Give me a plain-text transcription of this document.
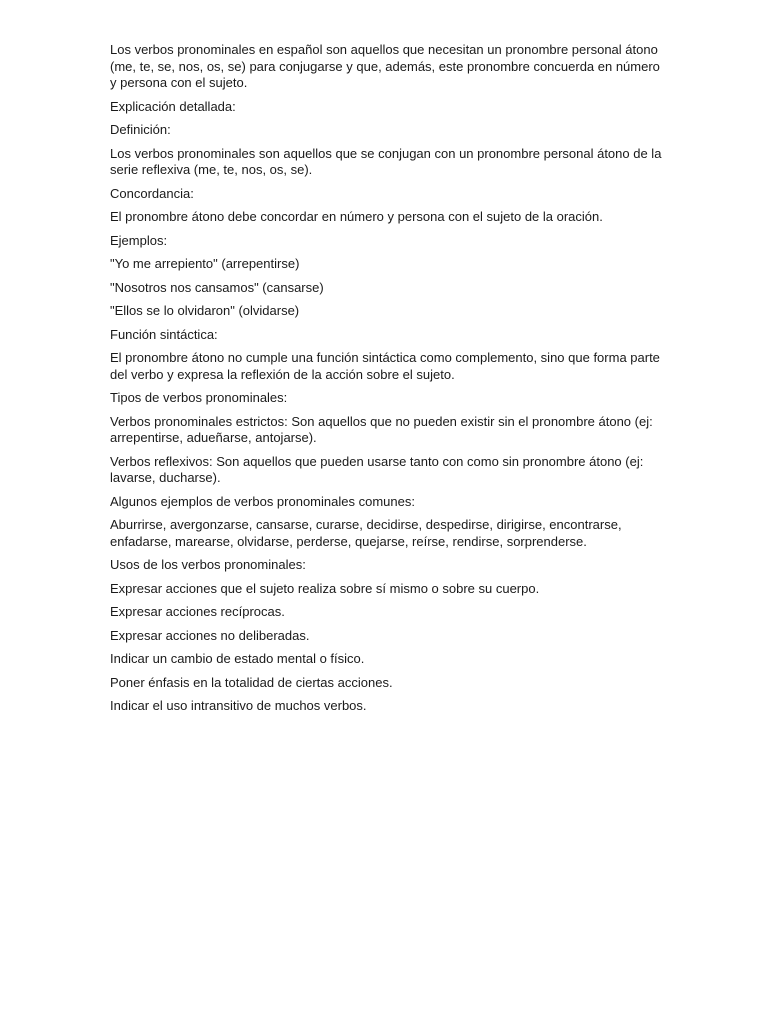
Los verbos pronominales en español son aquellos que necesitan un pronombre personal átono (me, te, se, nos, os, se) para conjugarse y que, además, este pronombre concuerda en número y persona con el sujeto.

Explicación detallada:

Definición:

Los verbos pronominales son aquellos que se conjugan con un pronombre personal átono de la serie reflexiva (me, te, nos, os, se).

Concordancia:

El pronombre átono debe concordar en número y persona con el sujeto de la oración.

Ejemplos:

"Yo me arrepiento" (arrepentirse)

"Nosotros nos cansamos" (cansarse)

"Ellos se lo olvidaron" (olvidarse)

Función sintáctica:

El pronombre átono no cumple una función sintáctica como complemento, sino que forma parte del verbo y expresa la reflexión de la acción sobre el sujeto.

Tipos de verbos pronominales:

Verbos pronominales estrictos: Son aquellos que no pueden existir sin el pronombre átono (ej: arrepentirse, adueñarse, antojarse).

Verbos reflexivos: Son aquellos que pueden usarse tanto con como sin pronombre átono (ej: lavarse, ducharse).

Algunos ejemplos de verbos pronominales comunes:

Aburrirse, avergonzarse, cansarse, curarse, decidirse, despedirse, dirigirse, encontrarse, enfadarse, marearse, olvidarse, perderse, quejarse, reírse, rendirse, sorprenderse.

Usos de los verbos pronominales:

Expresar acciones que el sujeto realiza sobre sí mismo o sobre su cuerpo.

Expresar acciones recíprocas.

Expresar acciones no deliberadas.

Indicar un cambio de estado mental o físico.

Poner énfasis en la totalidad de ciertas acciones.

Indicar el uso intransitivo de muchos verbos.
